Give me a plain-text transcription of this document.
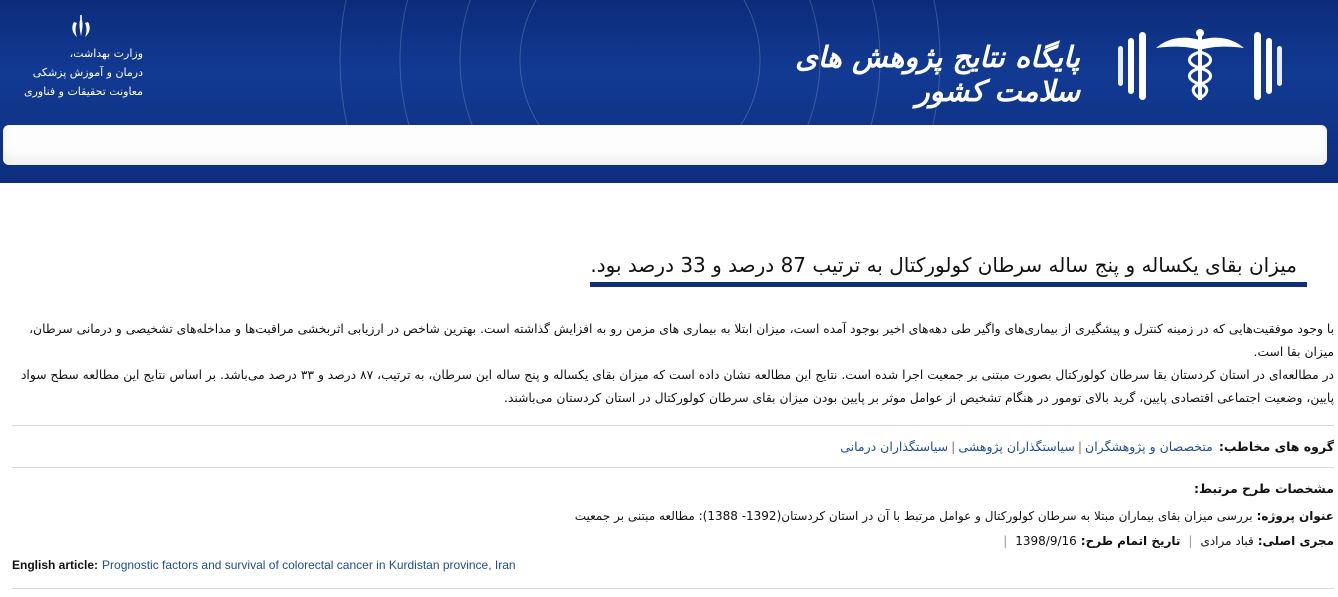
وزارت بهداشت،
درمان و آموزش پزشکی
معاونت تحقیقات و فناوری
پایگاه نتایج پژوهش های سلامت کشور
میزان بقای یکساله و پنج ساله سرطان کولورکتال به ترتیب 87 درصد و 33 درصد بود.

با وجود موفقیت‌هایی که در زمینه کنترل و پیشگیری از بیماری‌های واگیر طی دهه‌های اخیر بوجود آمده است، میزان ابتلا به بیماری های مزمن رو به افزایش گذاشته است. بهترین شاخص در ارزیابی اثربخشی مراقبت‌ها و مداخله‌های تشخیصی و درمانی سرطان، میزان بقا است.

در مطالعه‌ای در استان کردستان بقا سرطان کولورکتال بصورت مبتنی بر جمعیت اجرا شده است. نتایج این مطالعه نشان داده است که میزان بقای یکساله و پنج ساله این سرطان، به ترتیب، ۸۷ درصد و ۳۳ درصد می‌باشد. بر اساس نتایج این مطالعه سطح سواد پایین، وضعیت اجتماعی اقتصادی پایین، گرید بالای تومور در هنگام تشخیص از عوامل موثر بر پایین بودن میزان بقای سرطان کولورکتال در استان کردستان می‌باشند.

گروه های مخاطب:متخصصان و پژوهشگران|سیاستگذاران پژوهشی|سیاستگذاران درمانی
مشخصات طرح مرتبط:
عنوان پروژه:بررسی میزان بقای بیماران مبتلا به سرطان کولورکتال و عوامل مرتبط با آن در استان کردستان(1392- 1388): مطالعه مبتنی بر جمعیت
مجری اصلی:قباد مرادی|تاریخ اتمام طرح:1398/9/16|
English article: Prognostic factors and survival of colorectal cancer in Kurdistan province, Iran
